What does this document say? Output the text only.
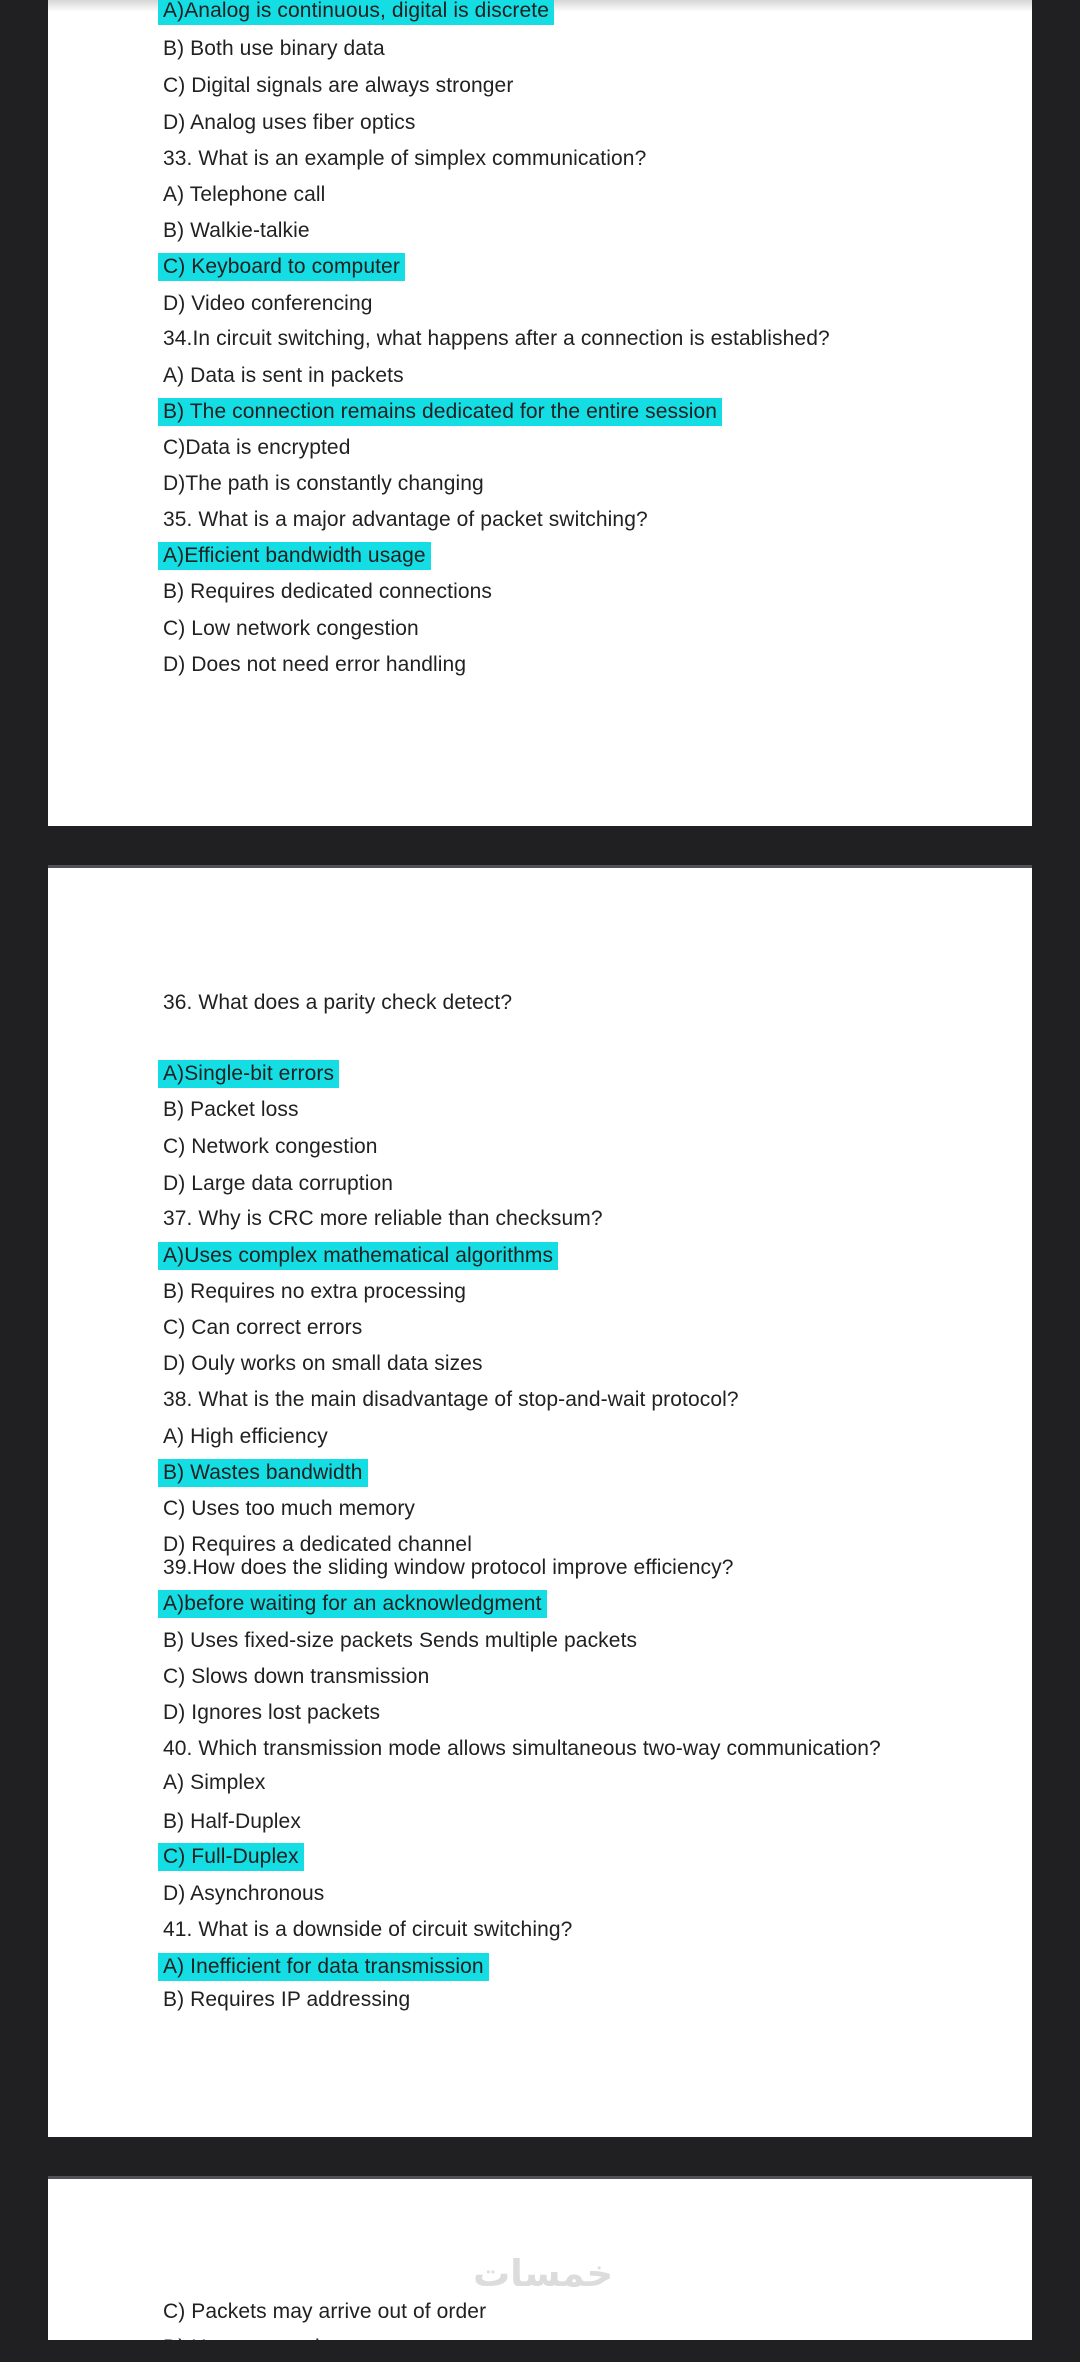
A)Analog is continuous, digital is discrete
B) Both use binary data
C) Digital signals are always stronger
D) Analog uses fiber optics
33. What is an example of simplex communication?
A) Telephone call
B) Walkie-talkie
C) Keyboard to computer
D) Video conferencing
34.In circuit switching, what happens after a connection is established?
A) Data is sent in packets
B) The connection remains dedicated for the entire session
C)Data is encrypted
D)The path is constantly changing
35. What is a major advantage of packet switching?
A)Efficient bandwidth usage
B) Requires dedicated connections
C) Low network congestion
D) Does not need error handling
36. What does a parity check detect?
A)Single-bit errors
B) Packet loss
C) Network congestion
D) Large data corruption
37. Why is CRC more reliable than checksum?
A)Uses complex mathematical algorithms
B) Requires no extra processing
C) Can correct errors
D) Ouly works on small data sizes
38. What is the main disadvantage of stop-and-wait protocol?
A) High efficiency
B) Wastes bandwidth
C) Uses too much memory
D) Requires a dedicated channel
39.How does the sliding window protocol improve efficiency?
A)before waiting for an acknowledgment
B) Uses fixed-size packets Sends multiple packets
C) Slows down transmission
D) Ignores lost packets
40. Which transmission mode allows simultaneous two-way communication?
A) Simplex
B) Half-Duplex
C) Full-Duplex
D) Asynchronous
41. What is a downside of circuit switching?
A) Inefficient for data transmission
B) Requires IP addressing
خمسات
C) Packets may arrive out of order
D) Uses encryption
